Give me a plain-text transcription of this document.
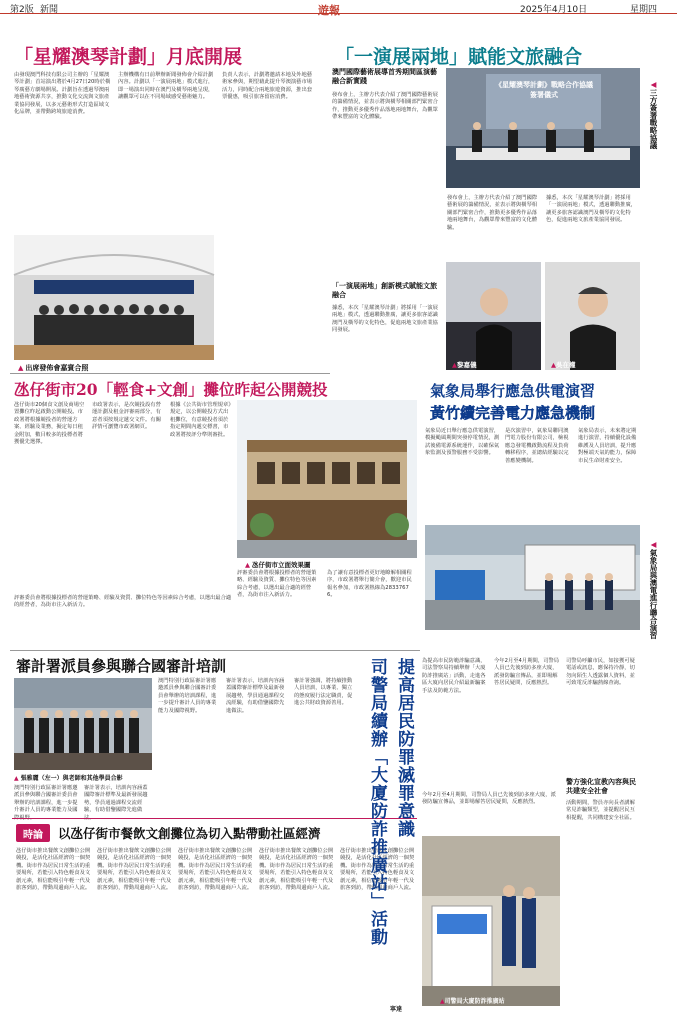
第2版 新聞	遊報	2025年4月10日	星期四
「星耀澳琴計劃」月底開展	「一演展兩地」賦能文旅融合
由發現澳門科技有限公司主辦的「星耀澳琴計劃」首站演出將於4月27日20時於橫琴廣藝方劇場開展。計劃旨在透過琴澳兩地藝術資源共享，推動文化交流與文旅產業協同發展，以多元藝術形式打造區域文化品牌，並帶動跨境旅遊消費。
主辦機構有日前舉辦新聞發佈會介紹計劃內容。計劃以「一演展兩地」模式進行，即一場演出同時在澳門及橫琴兩地呈現，讓觀眾可以在不同場域感受藝術魅力。
負責人表示，計劃將邀請本地及外地藝術家參與，期望藉此提升琴澳演藝市場活力，同時配合兩地旅遊資源，推出套票優惠，吸引旅客留宿消費。
▲ 出席發佈會嘉賓合照
澳門國際藝術展導首秀期間區演藝融合新實踐
發布會上，主辦方代表介紹了澳門國際藝術展的籌備情況，並表示將與橫琴相關部門緊密合作，推動更多優秀作品落地兩地舞台，為觀眾帶來豐富的文化體驗。
《星耀澳琴計劃》戰略合作協議簽署儀式
◀三方簽署戰略協議
發布會上，主辦方代表介紹了澳門國際藝術展的籌備情況，並表示將與橫琴相關部門緊密合作，推動更多優秀作品落地兩地舞台，為觀眾帶來豐富的文化體驗。
據悉，本次「星耀澳琴計劃」將採用「一演展兩地」模式，透過聯動推廣，讓更多旅客認識澳門及橫琴的文化特色，促進兩地文旅產業協同發展。
「一演展兩地」創新模式賦能文旅融合
據悉，本次「星耀澳琴計劃」將採用「一演展兩地」模式，透過聯動推廣，讓更多旅客認識澳門及橫琴的文化特色，促進兩地文旅產業協同發展。
▲黎嘉儀	▲吳在權
氹仔街市20「輕食+文創」攤位昨起公開競投
氹仔街市20個食文創及商場空置攤位昨起啟動公開競投。市政署將根據競投者的營運方案、經驗及業務，擬定每日租金附加，數目較多的投標者將獲優先選擇。
市政署表示，是次競投設有營運計劃及租金評審兩部分，有意者須按規定遞交文件。有關詳情可瀏覽市政署網頁。
根據《公共街市管理規章》規定，以公開競投方式出租攤位，有意競投者須於指定期間內遞交標書，市政署將按評分準則審批。
▲ 氹仔街市立面效果圖
評審委員會將根據投標者的營運策略、經驗及資質、攤位特色等因素綜合考慮，以選出最合適的經營者，為街市注入新活力。
為了讓有意投標者更好地瞭解相關程序，市政署將舉行簡介會，歡迎市民報名參加，市政署熱線為28337676。
評審委員會將根據投標者的營運策略、經驗及資質、攤位特色等因素綜合考慮，以選出最合適的經營者，為街市注入新活力。
氣象局舉行應急供電演習
黃竹續完善電力應急機制
氣象局近日舉行應急供電演習，模擬颱風期間突發停電情況，測試後備電源系統運作，以確保氣象監測及預警服務不受影響。
是次演習中，氣象局聯同澳門電力股份有限公司，檢視應急發電機啟動流程及負荷轉移程序，並總結經驗以完善應變機制。
氣象局表示，未來將定期進行演習，持續優化設備維護及人員培訓，提升應對極端天氣的能力，保障市民生命財產安全。
◀氣象局與澳電進行聯合演習
審計署派員參與聯合國審計培訓
▲ 張雅麗（左一）與老師和其他學員合影
澳門特別行政區審計署應邀派員參與聯合國審計委員會舉辦的培訓課程，進一步提升審計人員的專業能力及國際視野。
審計署表示，培訓內容涵蓋國際審計標準及最新發展趨勢，學員通過課程交流經驗，有助借鑒國際先進做法。
澳門特別行政區審計署應邀派員參與聯合國審計委員會舉辦的培訓課程，進一步提升審計人員的專業能力及國際視野。
審計署表示，培訓內容涵蓋國際審計標準及最新發展趨勢，學員通過課程交流經驗，有助借鑒國際先進做法。
審計署強調，將持續推動人員培訓，以專業、獨立的態度履行法定職責，促進公共財政資源善用。
時論	以氹仔街市餐飲文創攤位為切入點帶動社區經濟
氹仔街市推出餐飲文創攤位公開競投，是活化社區經濟的一個契機。街市作為居民日常生活的重要場所，若能引入特色輕食及文創元素，相信能吸引年輕一代及旅客到訪，帶動周邊商戶人流。
氹仔街市推出餐飲文創攤位公開競投，是活化社區經濟的一個契機。街市作為居民日常生活的重要場所，若能引入特色輕食及文創元素，相信能吸引年輕一代及旅客到訪，帶動周邊商戶人流。
氹仔街市推出餐飲文創攤位公開競投，是活化社區經濟的一個契機。街市作為居民日常生活的重要場所，若能引入特色輕食及文創元素，相信能吸引年輕一代及旅客到訪，帶動周邊商戶人流。
氹仔街市推出餐飲文創攤位公開競投，是活化社區經濟的一個契機。街市作為居民日常生活的重要場所，若能引入特色輕食及文創元素，相信能吸引年輕一代及旅客到訪，帶動周邊商戶人流。
氹仔街市推出餐飲文創攤位公開競投，是活化社區經濟的一個契機。街市作為居民日常生活的重要場所，若能引入特色輕食及文創元素，相信能吸引年輕一代及旅客到訪，帶動周邊商戶人流。
寧達
提高居民防罪滅罪意識
司警局續辦「大廈防詐推廣站」活動	為提高市民防範詐騙意識，司法警察局持續舉辦「大廈防詐推廣站」活動，走進各區大廈向居民介紹最新騙案手法及防範方法。
今年2月至4月期間，司警局人員已先後到訪多座大廈，派發防騙宣傳品，並即場解答居民疑問，反應熱烈。
司警局呼籲市民，如接獲可疑電話或訊息，應保持冷靜，切勿向陌生人透露個人資料，並可致電反詐騙熱線查詢。
警方強化宣教內容與民共建安全社會
活動期間，警員亦向長者講解常見詐騙類型，並提醒居民互相提醒，共同構建安全社區。
今年2月至4月期間，司警局人員已先後到訪多座大廈，派發防騙宣傳品，並即場解答居民疑問，反應熱烈。
▲司警局大廈防詐推廣站
